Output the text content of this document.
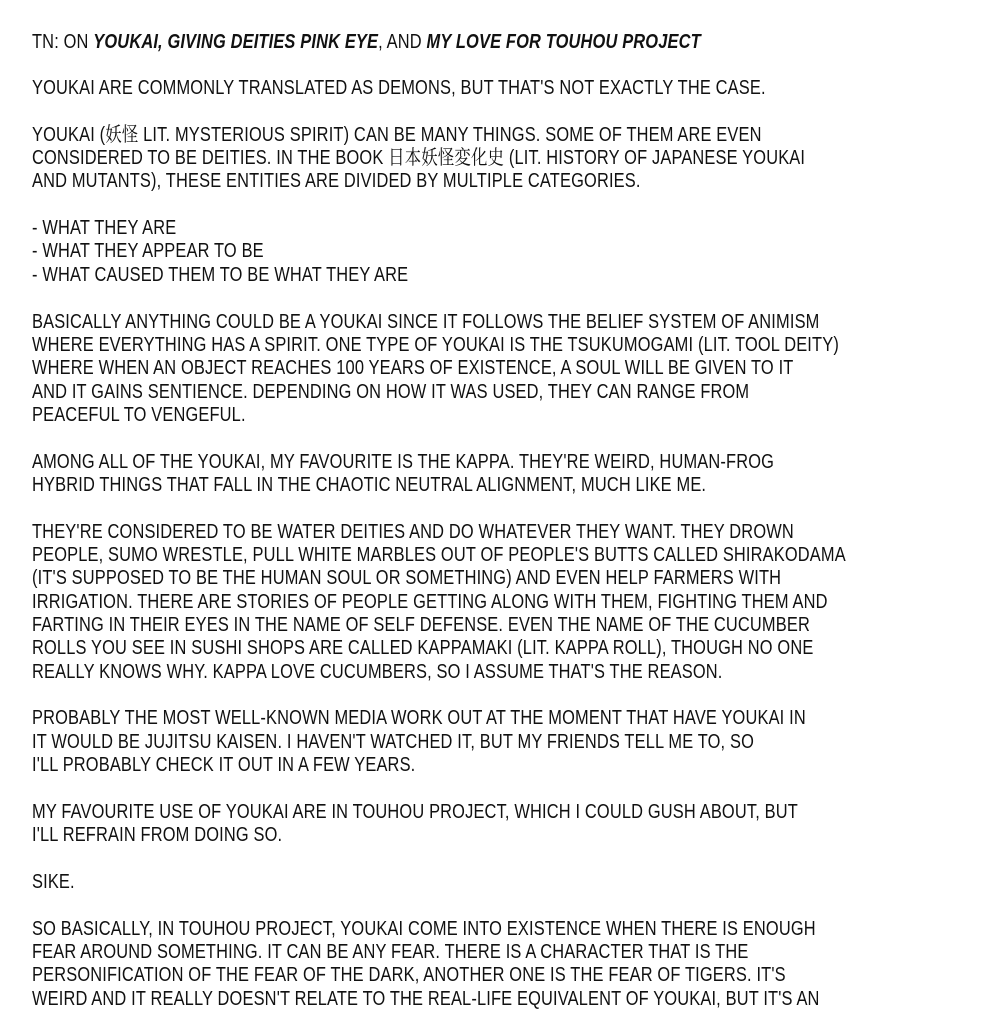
TN: ON YOUKAI, GIVING DEITIES PINK EYE, AND MY LOVE FOR TOUHOU PROJECT
YOUKAI ARE COMMONLY TRANSLATED AS DEMONS, BUT THAT'S NOT EXACTLY THE CASE.
YOUKAI (妖怪 LIT. MYSTERIOUS SPIRIT) CAN BE MANY THINGS. SOME OF THEM ARE EVEN
CONSIDERED TO BE DEITIES. IN THE BOOK 日本妖怪変化史 (LIT. HISTORY OF JAPANESE YOUKAI
AND MUTANTS), THESE ENTITIES ARE DIVIDED BY MULTIPLE CATEGORIES.
- WHAT THEY ARE
- WHAT THEY APPEAR TO BE
- WHAT CAUSED THEM TO BE WHAT THEY ARE
BASICALLY ANYTHING COULD BE A YOUKAI SINCE IT FOLLOWS THE BELIEF SYSTEM OF ANIMISM
WHERE EVERYTHING HAS A SPIRIT. ONE TYPE OF YOUKAI IS THE TSUKUMOGAMI (LIT. TOOL DEITY)
WHERE WHEN AN OBJECT REACHES 100 YEARS OF EXISTENCE, A SOUL WILL BE GIVEN TO IT
AND IT GAINS SENTIENCE. DEPENDING ON HOW IT WAS USED, THEY CAN RANGE FROM
PEACEFUL TO VENGEFUL.
AMONG ALL OF THE YOUKAI, MY FAVOURITE IS THE KAPPA. THEY'RE WEIRD, HUMAN-FROG
HYBRID THINGS THAT FALL IN THE CHAOTIC NEUTRAL ALIGNMENT, MUCH LIKE ME.
THEY'RE CONSIDERED TO BE WATER DEITIES AND DO WHATEVER THEY WANT. THEY DROWN
PEOPLE, SUMO WRESTLE, PULL WHITE MARBLES OUT OF PEOPLE'S BUTTS CALLED SHIRAKODAMA
(IT'S SUPPOSED TO BE THE HUMAN SOUL OR SOMETHING) AND EVEN HELP FARMERS WITH
IRRIGATION. THERE ARE STORIES OF PEOPLE GETTING ALONG WITH THEM, FIGHTING THEM AND
FARTING IN THEIR EYES IN THE NAME OF SELF DEFENSE. EVEN THE NAME OF THE CUCUMBER
ROLLS YOU SEE IN SUSHI SHOPS ARE CALLED KAPPAMAKI (LIT. KAPPA ROLL), THOUGH NO ONE
REALLY KNOWS WHY. KAPPA LOVE CUCUMBERS, SO I ASSUME THAT'S THE REASON.
PROBABLY THE MOST WELL-KNOWN MEDIA WORK OUT AT THE MOMENT THAT HAVE YOUKAI IN
IT WOULD BE JUJITSU KAISEN. I HAVEN'T WATCHED IT, BUT MY FRIENDS TELL ME TO, SO
I'LL PROBABLY CHECK IT OUT IN A FEW YEARS.
MY FAVOURITE USE OF YOUKAI ARE IN TOUHOU PROJECT, WHICH I COULD GUSH ABOUT, BUT
I'LL REFRAIN FROM DOING SO.
SIKE.
SO BASICALLY, IN TOUHOU PROJECT, YOUKAI COME INTO EXISTENCE WHEN THERE IS ENOUGH
FEAR AROUND SOMETHING. IT CAN BE ANY FEAR. THERE IS A CHARACTER THAT IS THE
PERSONIFICATION OF THE FEAR OF THE DARK, ANOTHER ONE IS THE FEAR OF TIGERS. IT'S
WEIRD AND IT REALLY DOESN'T RELATE TO THE REAL-LIFE EQUIVALENT OF YOUKAI, BUT IT'S AN
